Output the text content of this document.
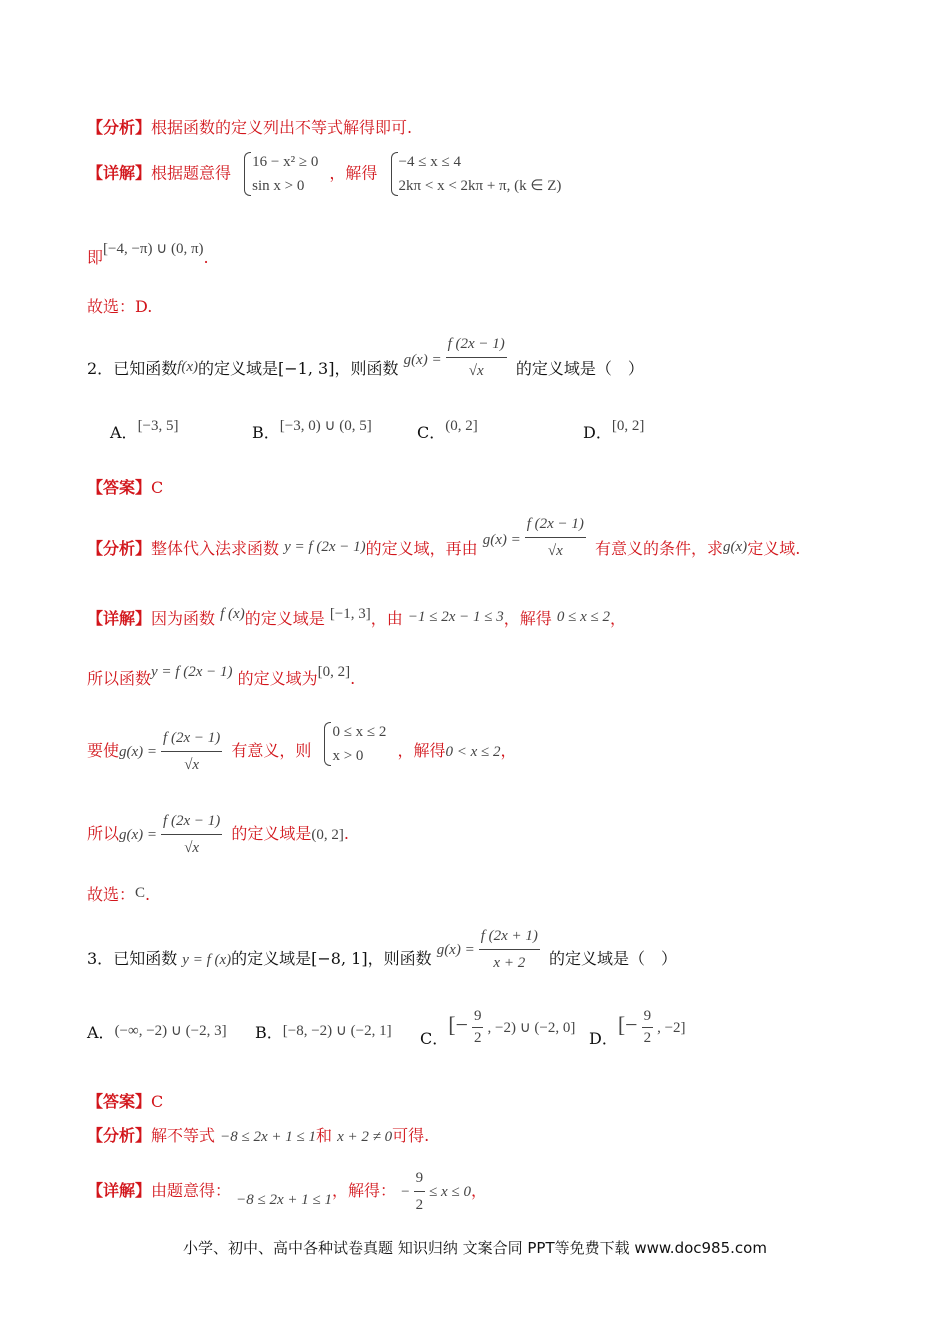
【分析】根据函数的定义列出不等式解得即可.
【详解】根据题意得
16 − x² ≥ 0
sin x > 0
，解得
−4 ≤ x ≤ 4
2kπ < x < 2kπ + π, (k ∈ Z)
即[−4, −π) ∪ (0, π).
故选：D.
2．已知函数f(x)的定义域是[−1, 3]，则函数 $g(x) = \frac{f (2x - 1)}{√x}$ 的定义域是（　）
A．[−3, 5]	B．[−3, 0) ∪ (0, 5]	C．(0, 2]	D．[0, 2]
【答案】C
【分析】整体代入法求函数 y = f (2x − 1)的定义域，再由 $g(x) = \frac{f (2x - 1)}{√x}$ 有意义的条件，求g(x)定义域.
【详解】因为函数 f (x)的定义域是 [−1, 3]，由 −1 ≤ 2x − 1 ≤ 3，解得 0 ≤ x ≤ 2，
所以函数y = f (2x − 1) 的定义域为[0, 2].
要使$g(x) = \frac{f (2x - 1)}{√x}$ 有意义，则
0 ≤ x ≤ 2
x > 0	，解得0 < x ≤ 2，
所以$g(x) = \frac{f (2x - 1)}{√x}$ 的定义域是(0, 2].
故选：C.
3．已知函数 y = f (x)的定义域是[−8, 1]，则函数 $g(x) = \frac{f (2x + 1)}{x + 2}$ 的定义域是（　）
A．(−∞, −2) ∪ (−2, 3] B．[−8, −2) ∪ (−2, 1] C．[− $\frac{9}{2}$ , −2) ∪ (−2, 0]
D．[− $\frac{9}{2}$ , −2]
【答案】C
【分析】解不等式 −8 ≤ 2x + 1 ≤ 1和 x + 2 ≠ 0可得.
【详解】由题意得： −8 ≤ 2x + 1 ≤ 1，解得： − $\frac{9}{2} \le x \le 0$，
小学、初中、高中各种试卷真题 知识归纳 文案合同 PPT等免费下载 www.doc985.com
